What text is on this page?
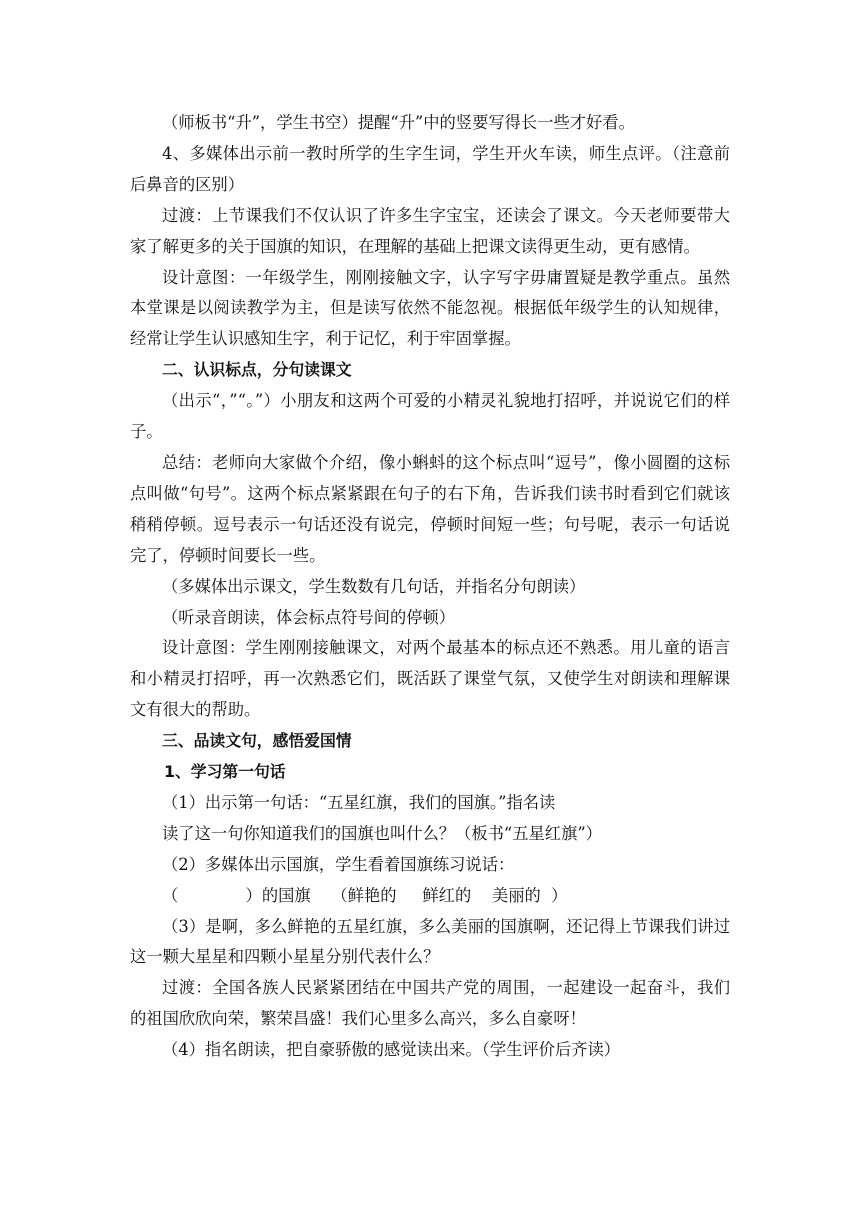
（师板书“升”，学生书空）提醒“升”中的竖要写得长一些才好看。

4、多媒体出示前一教时所学的生字生词，学生开火车读，师生点评。（注意前后鼻音的区别）

过渡：上节课我们不仅认识了许多生字宝宝，还读会了课文。今天老师要带大家了解更多的关于国旗的知识，在理解的基础上把课文读得更生动，更有感情。

设计意图：一年级学生，刚刚接触文字，认字写字毋庸置疑是教学重点。虽然本堂课是以阅读教学为主，但是读写依然不能忽视。根据低年级学生的认知规律，经常让学生认识感知生字，利于记忆，利于牢固掌握。

二、认识标点，分句读课文

（出示“，”“。”）小朋友和这两个可爱的小精灵礼貌地打招呼，并说说它们的样子。

总结：老师向大家做个介绍，像小蝌蚪的这个标点叫“逗号”，像小圆圈的这标点叫做“句号”。这两个标点紧紧跟在句子的右下角，告诉我们读书时看到它们就该稍稍停顿。逗号表示一句话还没有说完，停顿时间短一些；句号呢，表示一句话说完了，停顿时间要长一些。

（多媒体出示课文，学生数数有几句话，并指名分句朗读）

（听录音朗读，体会标点符号间的停顿）

设计意图：学生刚刚接触课文，对两个最基本的标点还不熟悉。用儿童的语言和小精灵打招呼，再一次熟悉它们，既活跃了课堂气氛，又使学生对朗读和理解课文有很大的帮助。

三、品读文句，感悟爱国情

1、学习第一句话

（1）出示第一句话：“五星红旗，我们的国旗。”指名读

读了这一句你知道我们的国旗也叫什么？（板书“五星红旗”）

（2）多媒体出示国旗，学生看着国旗练习说话：

（             ）的国旗    （鲜艳的     鲜红的    美丽的  ）

（3）是啊，多么鲜艳的五星红旗，多么美丽的国旗啊，还记得上节课我们讲过这一颗大星星和四颗小星星分别代表什么？

过渡：全国各族人民紧紧团结在中国共产党的周围，一起建设一起奋斗，我们的祖国欣欣向荣，繁荣昌盛！我们心里多么高兴，多么自豪呀！

（4）指名朗读，把自豪骄傲的感觉读出来。（学生评价后齐读）
